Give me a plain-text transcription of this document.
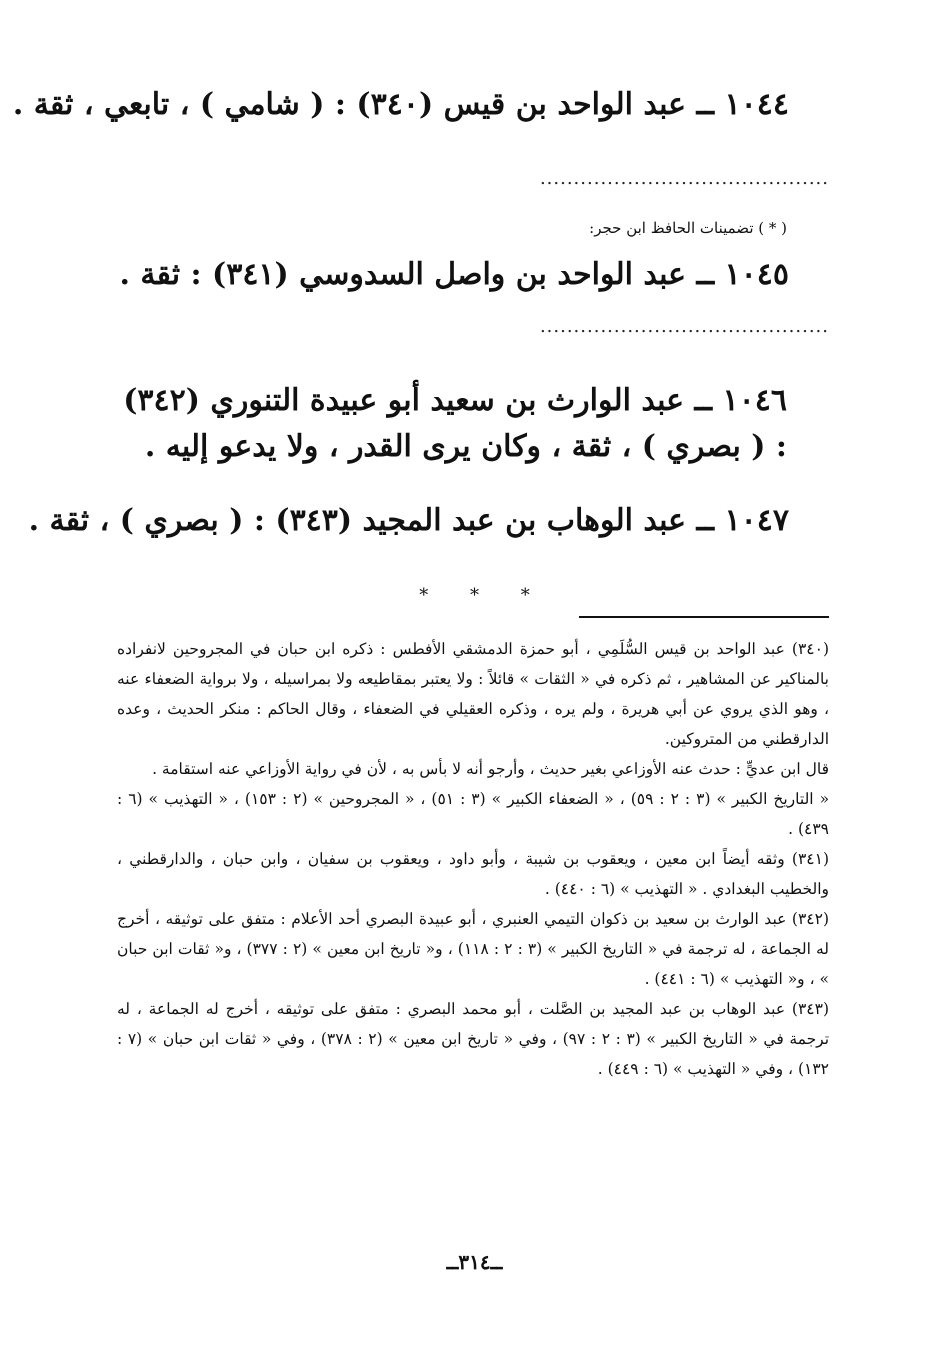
١٠٤٤ ــ عبد الواحد بن قيس (٣٤٠) : ( شامي ) ، تابعي ، ثقة .
...........................................
( * ) تضمينات الحافظ ابن حجر:
١٠٤٥ ــ عبد الواحد بن واصل السدوسي (٣٤١) : ثقة .
...........................................
١٠٤٦ ــ عبد الوارث بن سعيد أبو عبيدة التنوري (٣٤٢) : ( بصري ) ، ثقة ، وكان يرى القدر ، ولا يدعو إليه .
١٠٤٧ ــ عبد الوهاب بن عبد المجيد (٣٤٣) : ( بصري ) ، ثقة .
* * *

(٣٤٠) عبد الواحد بن قيس السُّلَمِي ، أبو حمزة الدمشقي الأفطس : ذكره ابن حبان في المجروحين لانفراده بالمناكير عن المشاهير ، ثم ذكره في « الثقات » قائلاً : ولا يعتبر بمقاطيعه ولا بمراسيله ، ولا برواية الضعفاء عنه ، وهو الذي يروي عن أبي هريرة ، ولم يره ، وذكره العقيلي في الضعفاء ، وقال الحاكم : منكر الحديث ، وعده الدارقطني من المتروكين.

قال ابن عديٍّ : حدث عنه الأوزاعي بغير حديث ، وأرجو أنه لا بأس به ، لأن في رواية الأوزاعي عنه استقامة .

« التاريخ الكبير » (٣ : ٢ : ٥٩) ، « الضعفاء الكبير » (٣ : ٥١) ، « المجروحين » (٢ : ١٥٣) ، « التهذيب » (٦ : ٤٣٩) .

(٣٤١) وثقه أيضاً ابن معين ، ويعقوب بن شيبة ، وأبو داود ، ويعقوب بن سفيان ، وابن حبان ، والدارقطني ، والخطيب البغدادي . « التهذيب » (٦ : ٤٤٠) .

(٣٤٢) عبد الوارث بن سعيد بن ذكوان التيمي العنبري ، أبو عبيدة البصري أحد الأعلام : متفق على توثيقه ، أخرج له الجماعة ، له ترجمة في « التاريخ الكبير » (٣ : ٢ : ١١٨) ، و« تاريخ ابن معين » (٢ : ٣٧٧) ، و« ثقات ابن حبان » ، و« التهذيب » (٦ : ٤٤١) .

(٣٤٣) عبد الوهاب بن عبد المجيد بن الصَّلت ، أبو محمد البصري : متفق على توثيقه ، أخرج له الجماعة ، له ترجمة في « التاريخ الكبير » (٣ : ٢ : ٩٧) ، وفي « تاريخ ابن معين » (٢ : ٣٧٨) ، وفي « ثقات ابن حبان » (٧ : ١٣٢) ، وفي « التهذيب » (٦ : ٤٤٩) .

ــ٣١٤ــ
